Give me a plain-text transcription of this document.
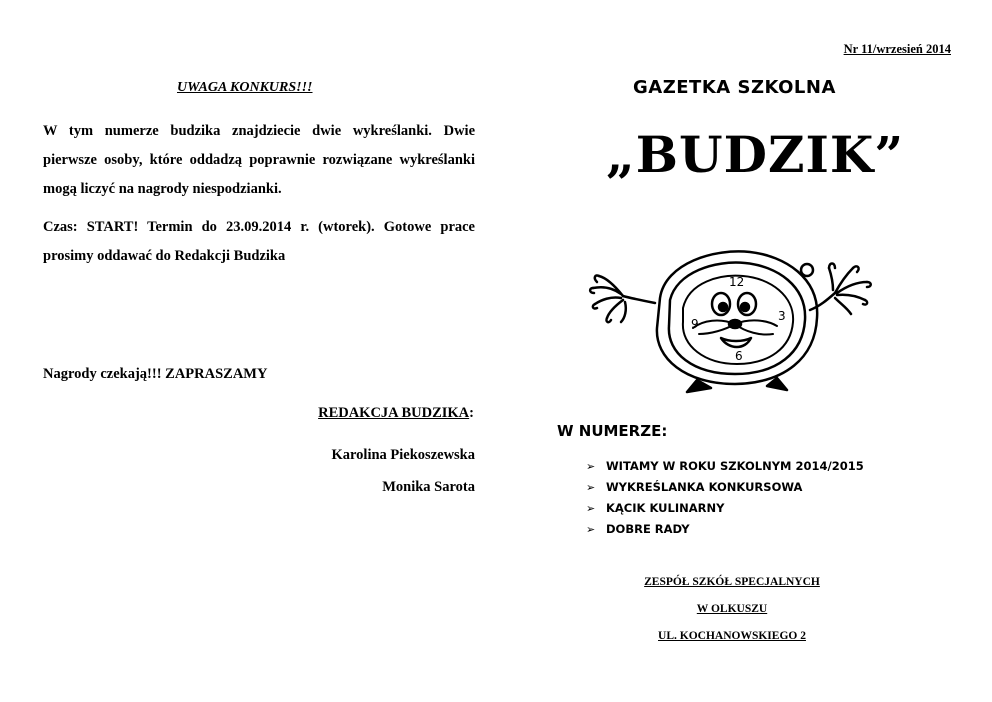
UWAGA KONKURS!!!
W tym numerze budzika znajdziecie dwie wykreślanki. Dwie pierwsze osoby, które oddadzą poprawnie rozwiązane wykreślanki mogą liczyć na nagrody niespodzianki.
Czas: START! Termin do 23.09.2014 r. (wtorek). Gotowe prace prosimy oddawać do Redakcji Budzika
Nagrody czekają!!! ZAPRASZAMY
REDAKCJA BUDZIKA:
Karolina Piekoszewska
Monika Sarota
Nr 11/wrzesień 2014
GAZETKA SZKOLNA
„BUDZIK”
12
3
6
9
W NUMERZE:
➢ WITAMY W ROKU SZKOLNYM 2014/2015
➢ WYKREŚLANKA KONKURSOWA
➢ KĄCIK KULINARNY
➢ DOBRE RADY
ZESPÓŁ SZKÓŁ SPECJALNYCH
W OLKUSZU
UL. KOCHANOWSKIEGO 2
